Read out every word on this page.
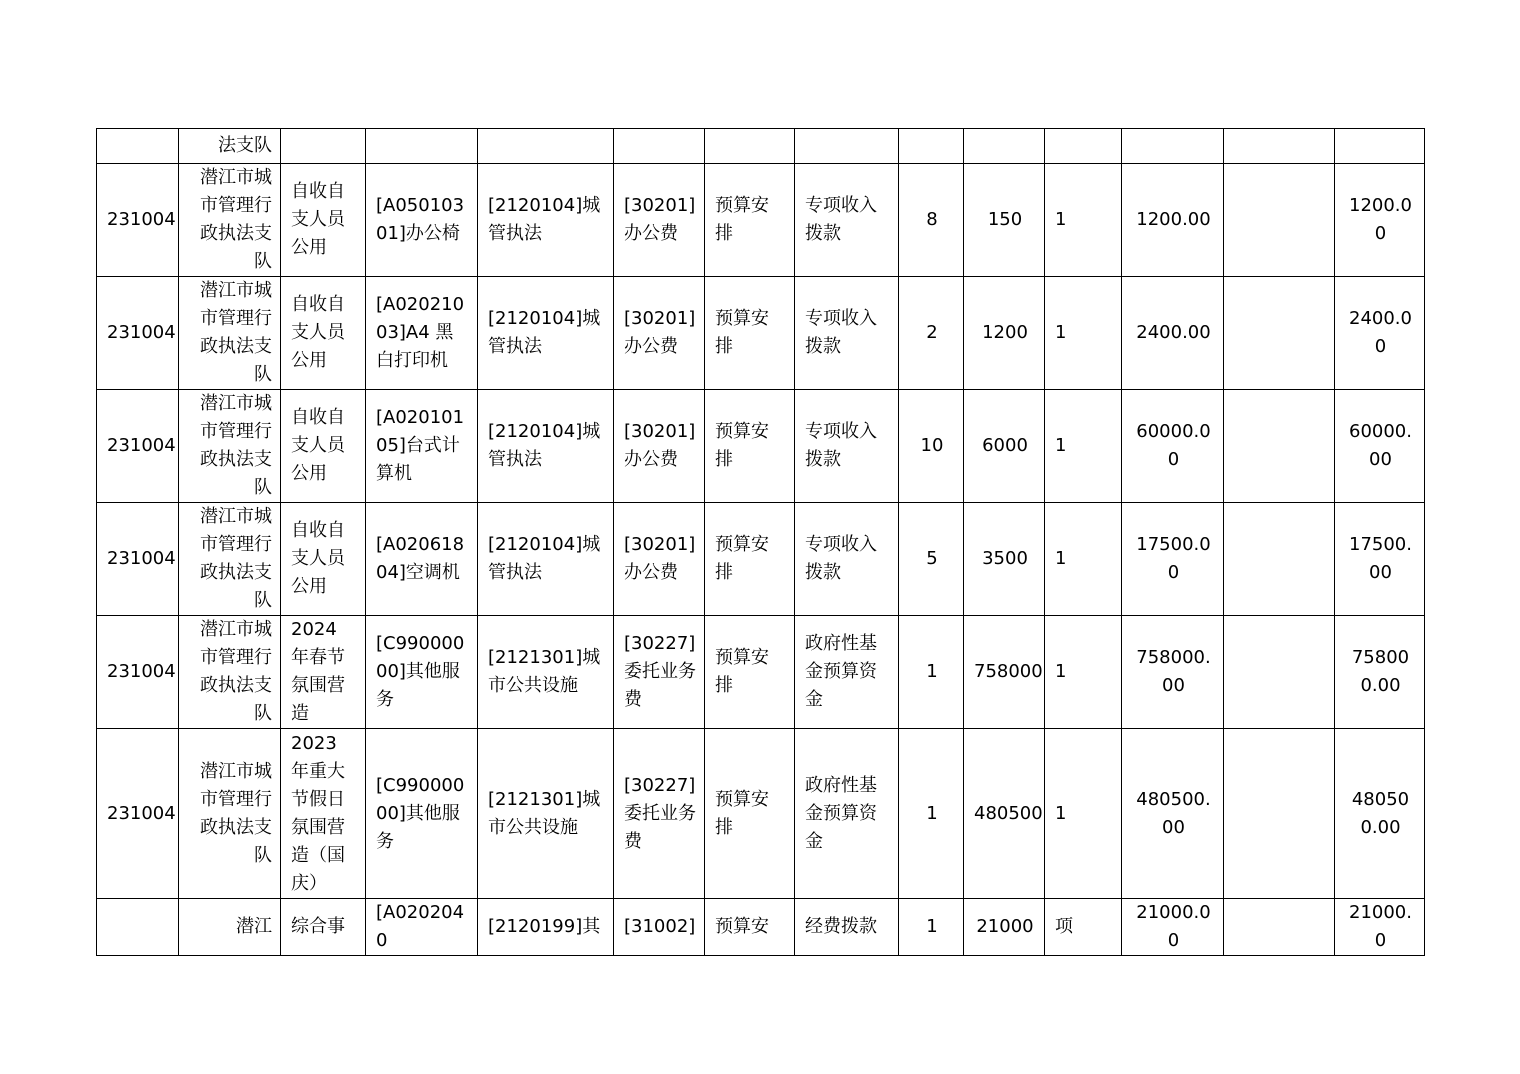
	法支队												
231004	潜江市城市管理行政执法支队	自收自支人员公用	[A05010301]办公椅	[2120104]城管执法	[30201]办公费	预算安排	专项收入拨款	8	150	1	1200.00		1200.00
231004	潜江市城市管理行政执法支队	自收自支人员公用	[A02021003]A4 黑白打印机	[2120104]城管执法	[30201]办公费	预算安排	专项收入拨款	2	1200	1	2400.00		2400.00
231004	潜江市城市管理行政执法支队	自收自支人员公用	[A02010105]台式计算机	[2120104]城管执法	[30201]办公费	预算安排	专项收入拨款	10	6000	1	60000.00		60000.00
231004	潜江市城市管理行政执法支队	自收自支人员公用	[A02061804]空调机	[2120104]城管执法	[30201]办公费	预算安排	专项收入拨款	5	3500	1	17500.00		17500.00
231004	潜江市城市管理行政执法支队	2024 年春节氛围营造	[C99000000]其他服务	[2121301]城市公共设施	[30227]委托业务费	预算安排	政府性基金预算资金	1	758000	1	758000.00		758000.00
231004	潜江市城市管理行政执法支队	2023 年重大节假日氛围营造（国庆）	[C99000000]其他服务	[2121301]城市公共设施	[30227]委托业务费	预算安排	政府性基金预算资金	1	480500	1	480500.00		480500.00
	潜江	综合事	[A0202040	[2120199]其	[31002]	预算安	经费拨款	1	21000	项	21000.00		21000.0
